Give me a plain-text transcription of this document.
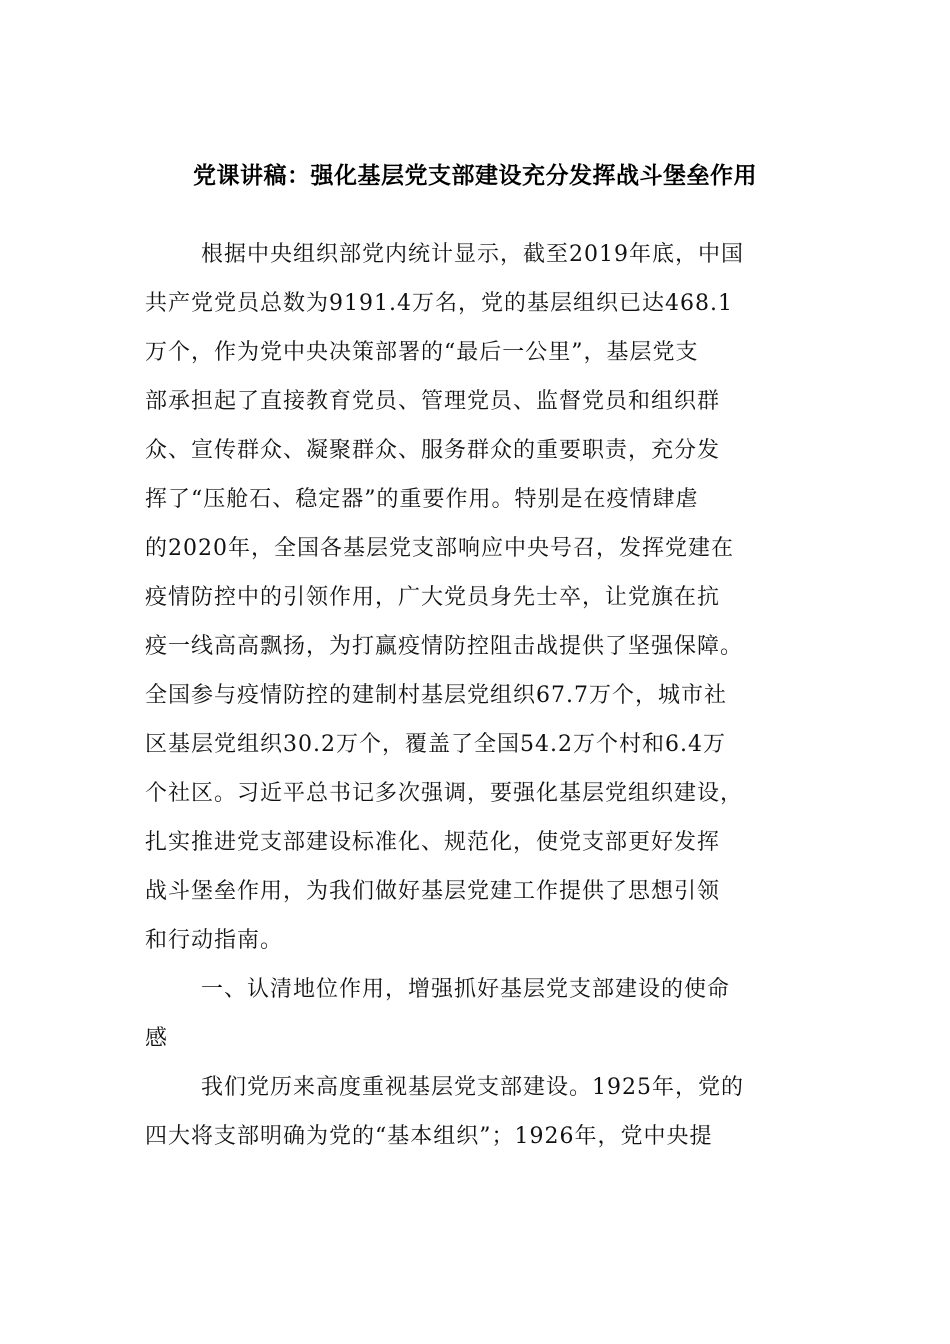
党课讲稿：强化基层党支部建设充分发挥战斗堡垒作用
根据中央组织部党内统计显示，截至2019年底，中国
共产党党员总数为9191.4万名，党的基层组织已达468.1
万个，作为党中央决策部署的“最后一公里”，基层党支
部承担起了直接教育党员、管理党员、监督党员和组织群
众、宣传群众、凝聚群众、服务群众的重要职责，充分发
挥了“压舱石、稳定器”的重要作用。特别是在疫情肆虐
的2020年，全国各基层党支部响应中央号召，发挥党建在
疫情防控中的引领作用，广大党员身先士卒，让党旗在抗
疫一线高高飘扬，为打赢疫情防控阻击战提供了坚强保障。
全国参与疫情防控的建制村基层党组织67.7万个，城市社
区基层党组织30.2万个，覆盖了全国54.2万个村和6.4万
个社区。习近平总书记多次强调，要强化基层党组织建设，
扎实推进党支部建设标准化、规范化，使党支部更好发挥
战斗堡垒作用，为我们做好基层党建工作提供了思想引领
和行动指南。
一、认清地位作用，增强抓好基层党支部建设的使命
感
我们党历来高度重视基层党支部建设。1925年，党的
四大将支部明确为党的“基本组织”；1926年，党中央提
